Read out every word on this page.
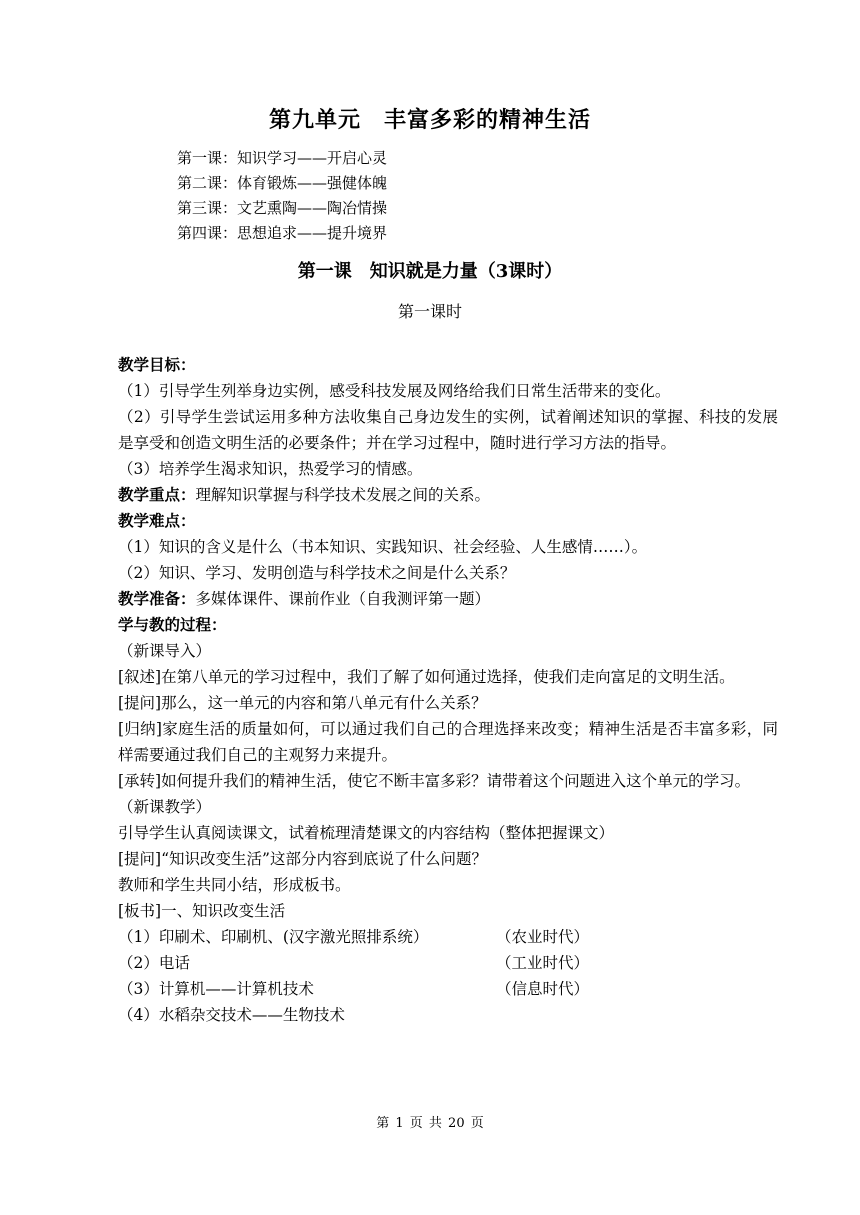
第九单元　丰富多彩的精神生活
第一课：知识学习——开启心灵
第二课：体育锻炼——强健体魄
第三课：文艺熏陶——陶冶情操
第四课：思想追求——提升境界
第一课　知识就是力量（3课时）
第一课时
教学目标：
（1）引导学生列举身边实例，感受科技发展及网络给我们日常生活带来的变化。
（2）引导学生尝试运用多种方法收集自己身边发生的实例，试着阐述知识的掌握、科技的发展是享受和创造文明生活的必要条件；并在学习过程中，随时进行学习方法的指导。
（3）培养学生渴求知识，热爱学习的情感。
教学重点：理解知识掌握与科学技术发展之间的关系。
教学难点：
（1）知识的含义是什么（书本知识、实践知识、社会经验、人生感情……）。
（2）知识、学习、发明创造与科学技术之间是什么关系？
教学准备：多媒体课件、课前作业（自我测评第一题）
学与教的过程：
（新课导入）
[叙述]在第八单元的学习过程中，我们了解了如何通过选择，使我们走向富足的文明生活。
[提问]那么，这一单元的内容和第八单元有什么关系？
[归纳]家庭生活的质量如何，可以通过我们自己的合理选择来改变；精神生活是否丰富多彩，同样需要通过我们自己的主观努力来提升。
[承转]如何提升我们的精神生活，使它不断丰富多彩？请带着这个问题进入这个单元的学习。
（新课教学）
引导学生认真阅读课文，试着梳理清楚课文的内容结构（整体把握课文）
[提问]“知识改变生活”这部分内容到底说了什么问题？
教师和学生共同小结，形成板书。
[板书]一、知识改变生活
（1）印刷术、印刷机、(汉字激光照排系统）	（农业时代）
（2）电话	（工业时代）
（3）计算机——计算机技术	（信息时代）
（4）水稻杂交技术——生物技术
第 1 页 共 20 页
